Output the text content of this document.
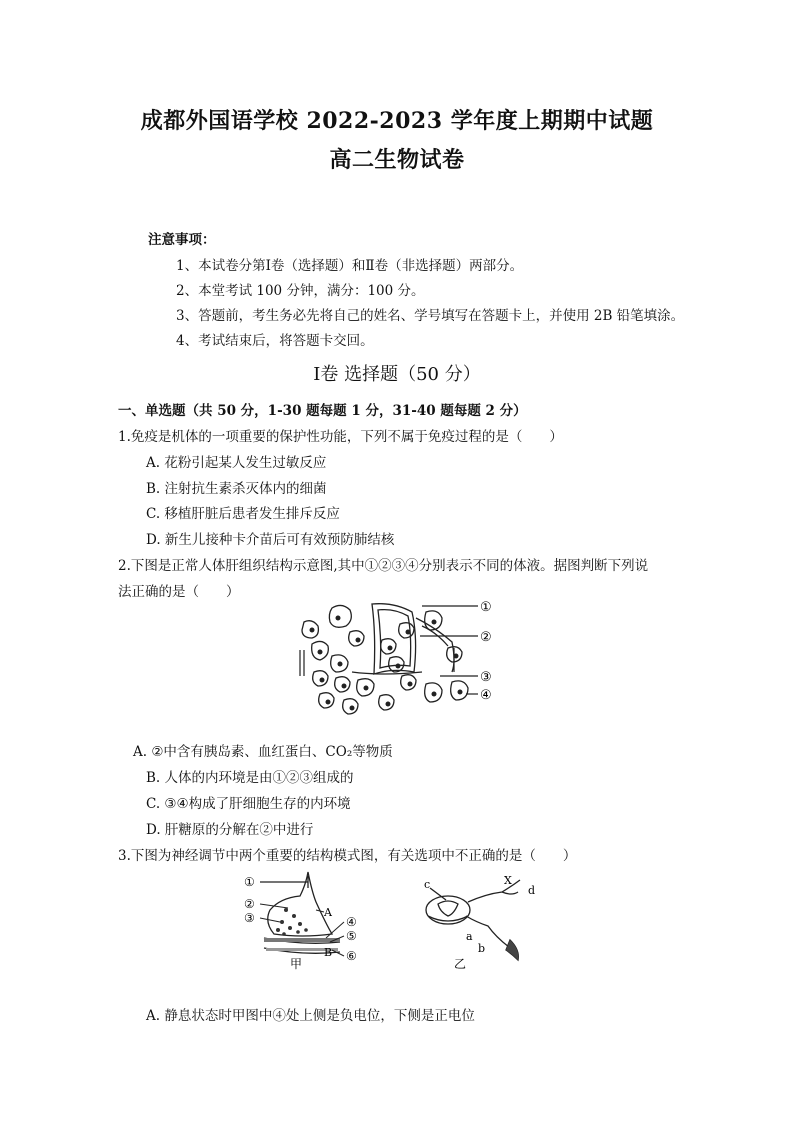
成都外国语学校 2022-2023 学年度上期期中试题
高二生物试卷
注意事项：
1、本试卷分第Ⅰ卷（选择题）和Ⅱ卷（非选择题）两部分。
2、本堂考试 100 分钟，满分：100 分。
3、答题前，考生务必先将自己的姓名、学号填写在答题卡上，并使用 2B 铅笔填涂。
4、考试结束后，将答题卡交回。
Ⅰ卷 选择题（50 分）
一、单选题（共 50 分，1-30 题每题 1 分，31-40 题每题 2 分）
1.免疫是机体的一项重要的保护性功能，下列不属于免疫过程的是（　　）
A. 花粉引起某人发生过敏反应
B. 注射抗生素杀灭体内的细菌
C. 移植肝脏后患者发生排斥反应
D. 新生儿接种卡介苗后可有效预防肺结核
2.下图是正常人体肝组织结构示意图,其中①②③④分别表示不同的体液。据图判断下列说
法正确的是（　　）
①
②
③
④
A. ②中含有胰岛素、血红蛋白、CO₂等物质
B. 人体的内环境是由①②③组成的
C. ③④构成了肝细胞生存的内环境
D. 肝糖原的分解在②中进行
3.下图为神经调节中两个重要的结构模式图，有关选项中不正确的是（　　）
①
②
③	④
⑤
⑥
A
B
甲
c	X
d
a
b
乙
A. 静息状态时甲图中④处上侧是负电位，下侧是正电位
